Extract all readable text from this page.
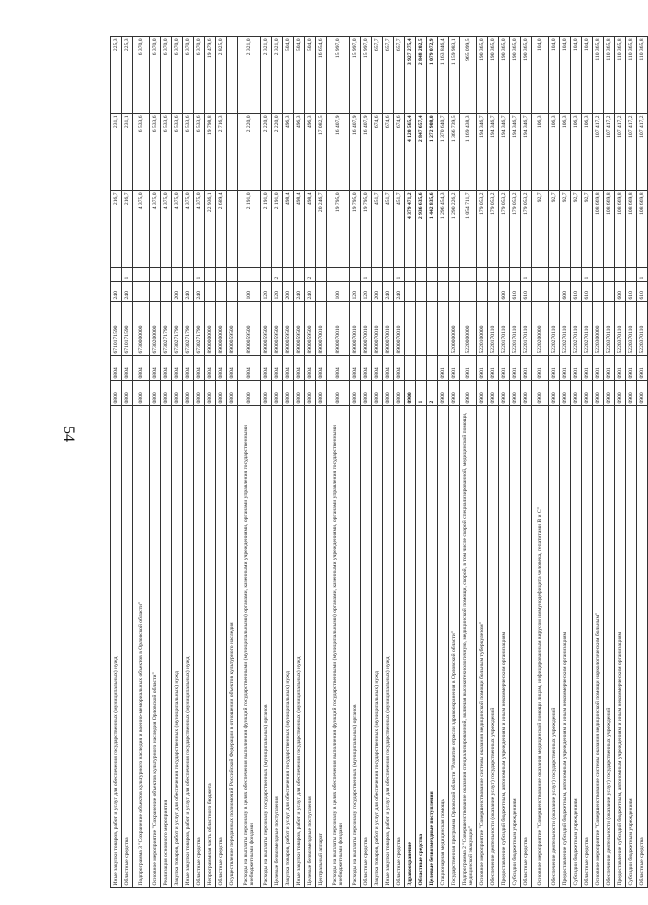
54
Иные закупки товаров, работ и услуг для обеспечения государственных (муниципальных) нужд	0800	0804	6710171590	240		216,7	231,1	225,3
Областные средства	0800	0804	6710171590	240	1	216,7	231,1	225,3
Подпрограмма 3 "Сохранение объектов культурного наследия и военно-мемориальных объектов в Орловской области"	0800	0804	6730000000			4 375,0	6 533,6	6 370,0
Основное мероприятие "Сохранение объектов культурного наследия Орловской области"	0800	0804	6730200000			4 375,0	6 533,6	6 370,0
Реализация основного мероприятия	0800	0804	6730271790			4 375,0	6 533,6	6 370,0
Закупка товаров, работ и услуг для обеспечения государственных (муниципальных) нужд	0800	0804	6730271790	200		4 375,0	6 533,6	6 370,0
Иные закупки товаров, работ и услуг для обеспечения государственных (муниципальных) нужд	0800	0804	6730271790	240		4 375,0	6 533,6	6 370,0
Областные средства	0800	0804	6730271790	240	1	4 375,0	6 533,6	6 370,0
Непрограммная часть областного бюджета	0800	0804	8900000000			22 936,1	19 798,8	19 479,6
Областные средства	0800	0804	8900000000			2 689,4	2 716,3	2 825,0
Осуществление переданных полномочий Российской Федерации в отношении объектов культурного наследия	0800	0804	8900059500					
Расходы на выплаты персоналу в целях обеспечения выполнения функций государственными (муниципальными) органами, казенными учреждениями, органами управления государственными внебюджетными фондами	0800	0804	8900059500	100		2 191,0	2 220,0	2 321,0
Расходы на выплаты персоналу государственных (муниципальных) органов	0800	0804	8900059500	120		2 191,0	2 220,0	2 321,0
Целевые безвозмездные поступления	0800	0804	8900059500	120	2	2 191,0	2 220,0	2 321,0
Закупка товаров, работ и услуг для обеспечения государственных (муниципальных) нужд	0800	0804	8900059500	200		498,4	496,3	504,0
Иные закупки товаров, работ и услуг для обеспечения государственных (муниципальных) нужд	0800	0804	8900059500	240		498,4	496,3	504,0
Целевые безвозмездные поступления	0800	0804	8900059500	240	2	498,4	496,3	504,0
Центральный аппарат	0800	0804	8900070010			20 246,7	17 082,5	16 654,6
Расходы на выплаты персоналу в целях обеспечения выполнения функций государственными (муниципальными) органами, казенными учреждениями, органами управления государственными внебюджетными фондами	0800	0804	8900070010	100		19 795,0	16 407,9	15 997,0
Расходы на выплаты персоналу государственных (муниципальных) органов	0800	0804	8900070010	120		19 795,0	16 407,9	15 997,0
Областные средства	0800	0804	8900070010	120	1	19 795,0	16 407,9	15 997,0
Закупка товаров, работ и услуг для обеспечения государственных (муниципальных) нужд	0800	0804	8900070010	200		451,7	674,6	657,7
Иные закупки товаров, работ и услуг для обеспечения государственных (муниципальных) нужд	0800	0804	8900070010	240		451,7	674,6	657,7
Областные средства	0800	0804	8900070010	240	1	451,7	674,6	657,7
Здравоохранение	0900					4 379 471,2	4 120 565,4	3 927 275,4
Областные средства	1					2 936 635,6	2 847 657,4	2 848 202,5
Целевые безвозмездные поступления	2					1 442 835,6	1 272 908,0	1 079 072,9
Стационарная медицинская помощь	0900	0901				1 296 454,3	1 370 640,7	1 163 846,4
Государственная программа Орловской области "Развитие отрасли здравоохранения в Орловской области"	0900	0901	5200000000			1 290 226,2	1 366 739,5	1 159 983,1
Подпрограмма 2 "Совершенствование оказания специализированной, включая высокотехнологичную, медицинской помощи, скорой, в том числе скорой специализированной, медицинской помощи, медицинской эвакуации"	0900	0901	5220000000			1 054 711,7	1 169 438,3	965 099,5
Основное мероприятие "Совершенствование системы оказания медицинской помощи больным туберкулезом"	0900	0901	5220100000			179 053,2	194 346,7	190 365,0
Обеспечение деятельности (оказание услуг) государственных учреждений	0900	0901	5220170110			179 053,2	194 346,7	190 365,0
Предоставление субсидий бюджетным, автономным учреждениям и иным некоммерческим организациям	0900	0901	5220170110	600		179 053,2	194 346,7	190 365,0
Субсидии бюджетным учреждениям	0900	0901	5220170110	610		179 053,2	194 346,7	190 365,0
Областные средства	0900	0901	5220170110	610	1	179 053,2	194 346,7	190 365,0
Основное мероприятие "Совершенствование оказания медицинской помощи лицам, инфицированным вирусом иммунодефицита человека, гепатитами B и C"	0900	0901	5220200000			92,7	106,3	104,0
Обеспечение деятельности (оказание услуг) государственных учреждений	0900	0901	5220270110			92,7	106,3	104,0
Предоставление субсидий бюджетным, автономным учреждениям и иным некоммерческим организациям	0900	0901	5220270110	600		92,7	106,3	104,0
Субсидии бюджетным учреждениям	0900	0901	5220270110	610		92,7	106,3	104,0
Областные средства	0900	0901	5220270110	610	1	92,7	106,3	104,0
Основное мероприятие "Совершенствование системы оказания медицинской помощи наркологическим больным"	0900	0901	5220300000			108 669,8	107 417,2	110 365,8
Обеспечение деятельности (оказание услуг) государственных учреждений	0900	0901	5220370110			108 669,8	107 417,2	110 365,8
Предоставление субсидий бюджетным, автономным учреждениям и иным некоммерческим организациям	0900	0901	5220370110	600		108 669,8	107 417,2	110 365,8
Субсидии бюджетным учреждениям	0900	0901	5220370110	610		108 669,8	107 417,2	110 365,8
Областные средства	0900	0901	5220370110	610	1	108 669,8	107 417,2	110 365,8
